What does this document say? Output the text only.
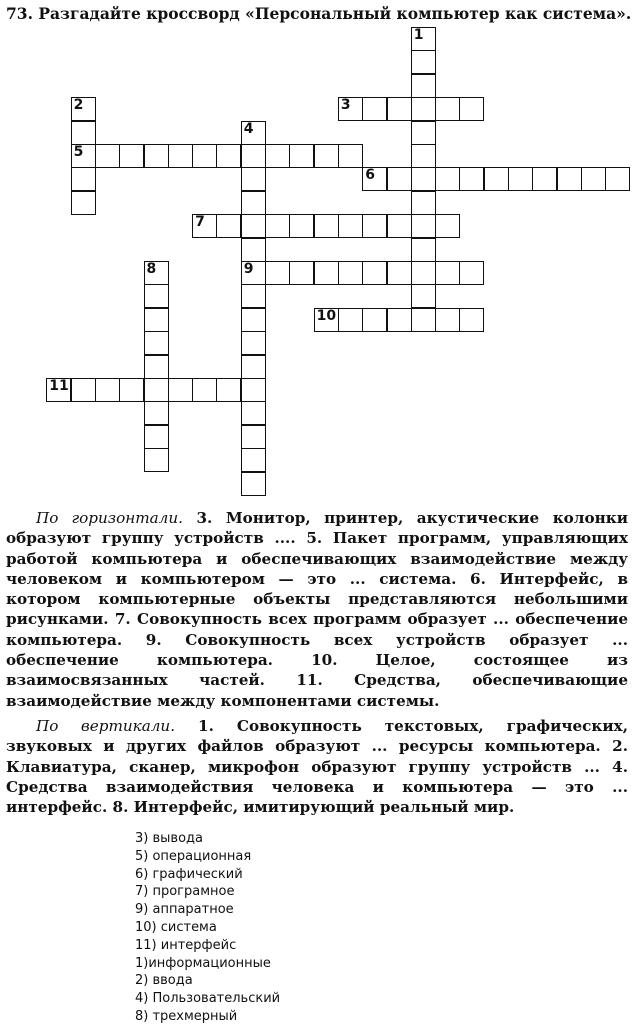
73. Разгадайте кроссворд «Персональный компьютер как система».
1
2
5
3
4
9
6
7
8
10
11

По горизонтали. 3. Монитор, принтер, акустические колонки образуют группу устройств .... 5. Пакет программ, управляющих работой компьютера и обеспечивающих взаимодействие между человеком и компьютером — это ... система. 6. Интерфейс, в котором компьютерные объекты представляются небольшими рисунками. 7. Совокупность всех программ образует ... обеспечение компьютера. 9. Совокупность всех устройств образует ... обеспечение компьютера. 10. Целое, состоящее из взаимосвязанных частей. 11. Средства, обеспечивающие взаимодействие между компонентами системы.

По вертикали. 1. Совокупность текстовых, графических, звуковых и других файлов образуют ... ресурсы компьютера. 2. Клавиатура, сканер, микрофон образуют группу устройств ... 4. Средства взаимодействия человека и компьютера — это ... интерфейс. 8. Интерфейс, имитирующий реальный мир.

3) вывода
5) операционная
6) графический
7) програмное
9) аппаратное
10) система
11) интерфейс
1)информационные
2) ввода
4) Пользовательский
8) трехмерный
